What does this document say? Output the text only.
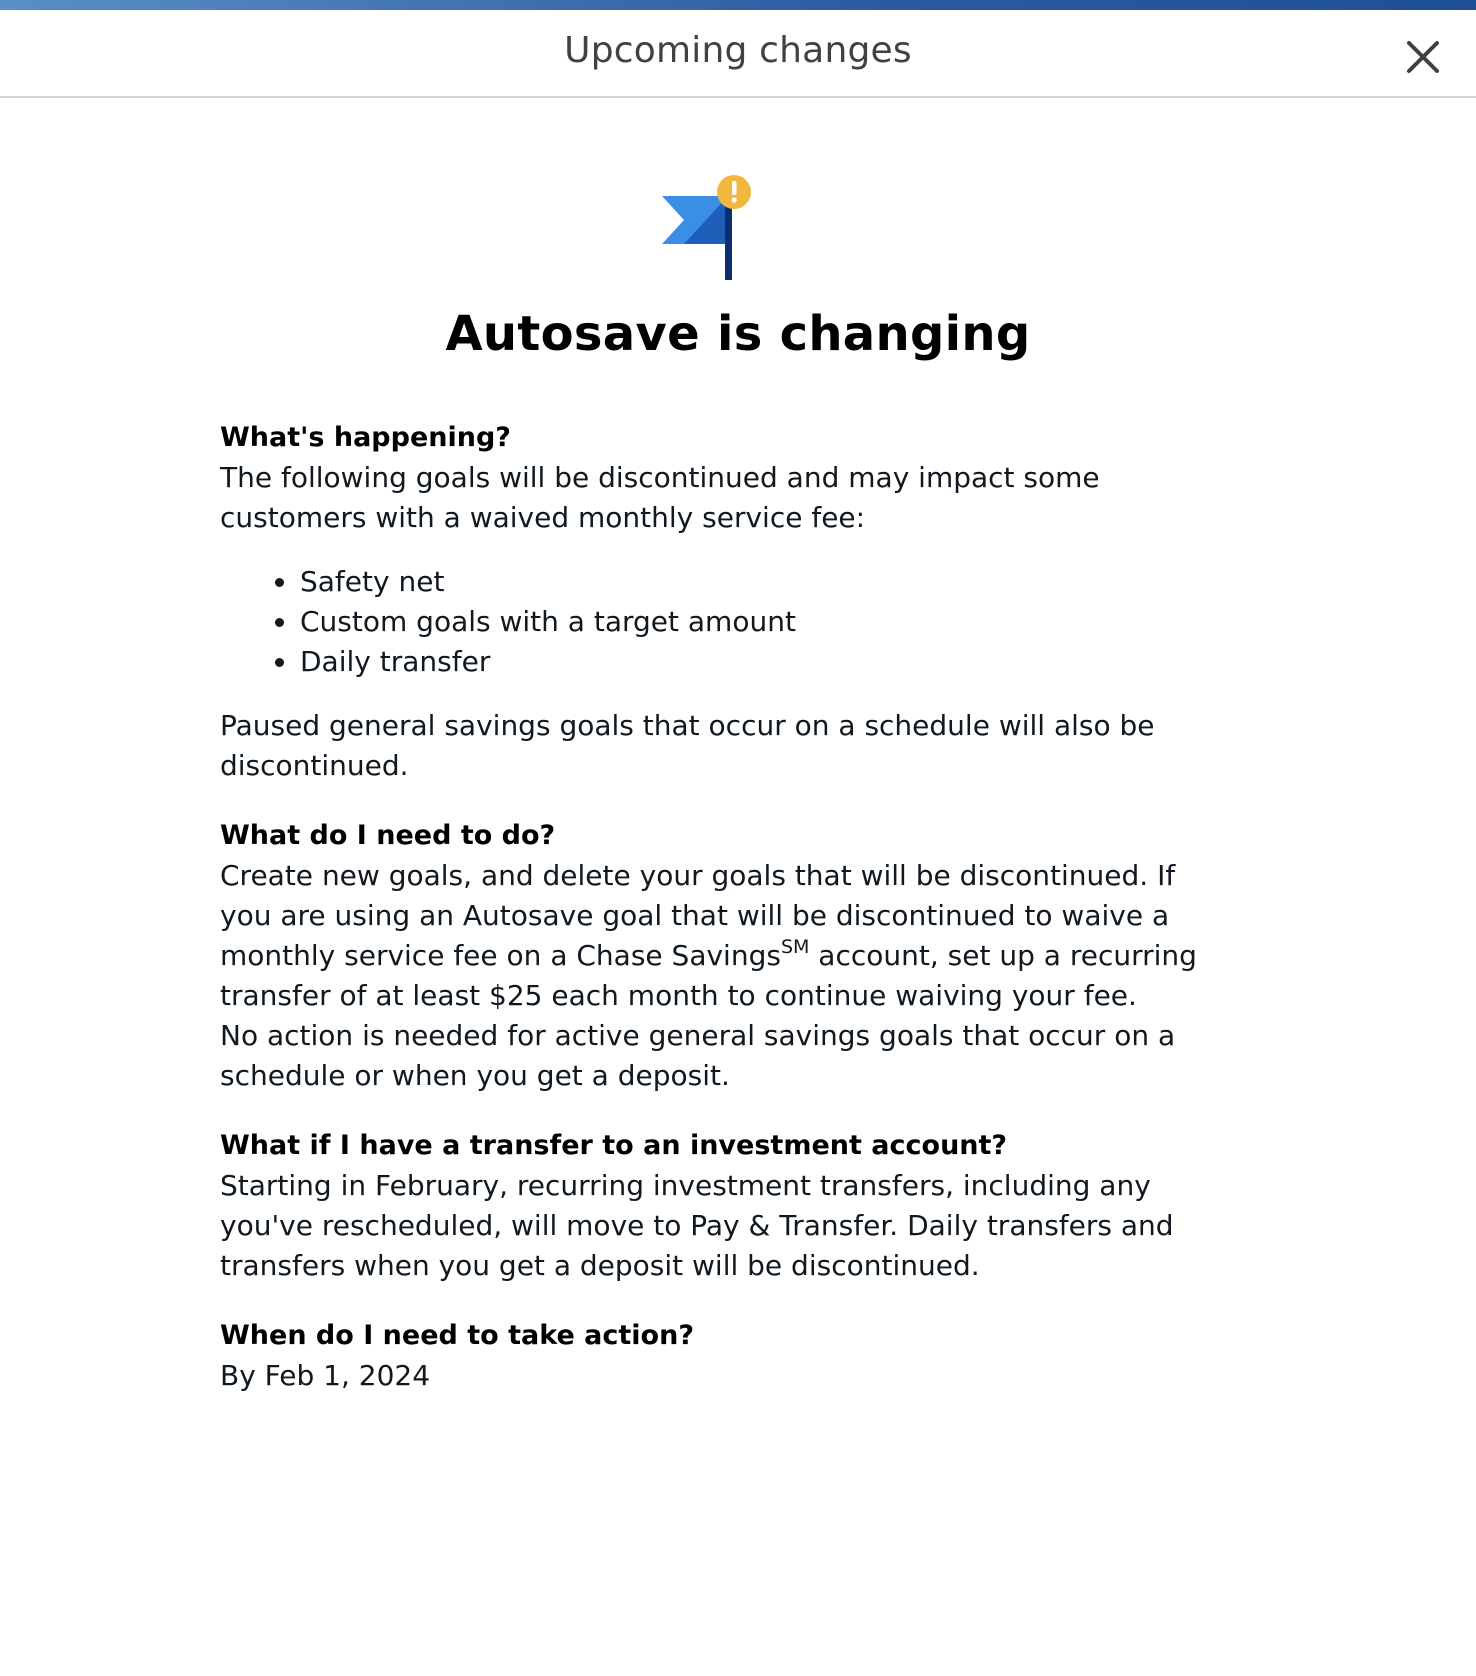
Upcoming changes
Autosave is changing
What's happening?

The following goals will be discontinued and may impact some customers with a waived monthly service fee:

Safety net
Custom goals with a target amount
Daily transfer

Paused general savings goals that occur on a schedule will also be discontinued.

What do I need to do?

Create new goals, and delete your goals that will be discontinued. If you are using an Autosave goal that will be discontinued to waive a monthly service fee on a Chase Savings℠ account, set up a recurring transfer of at least $25 each month to continue waiving your fee.

No action is needed for active general savings goals that occur on a schedule or when you get a deposit.

What if I have a transfer to an investment account?

Starting in February, recurring investment transfers, including any you've rescheduled, will move to Pay & Transfer. Daily transfers and transfers when you get a deposit will be discontinued.

When do I need to take action?

By Feb 1, 2024
